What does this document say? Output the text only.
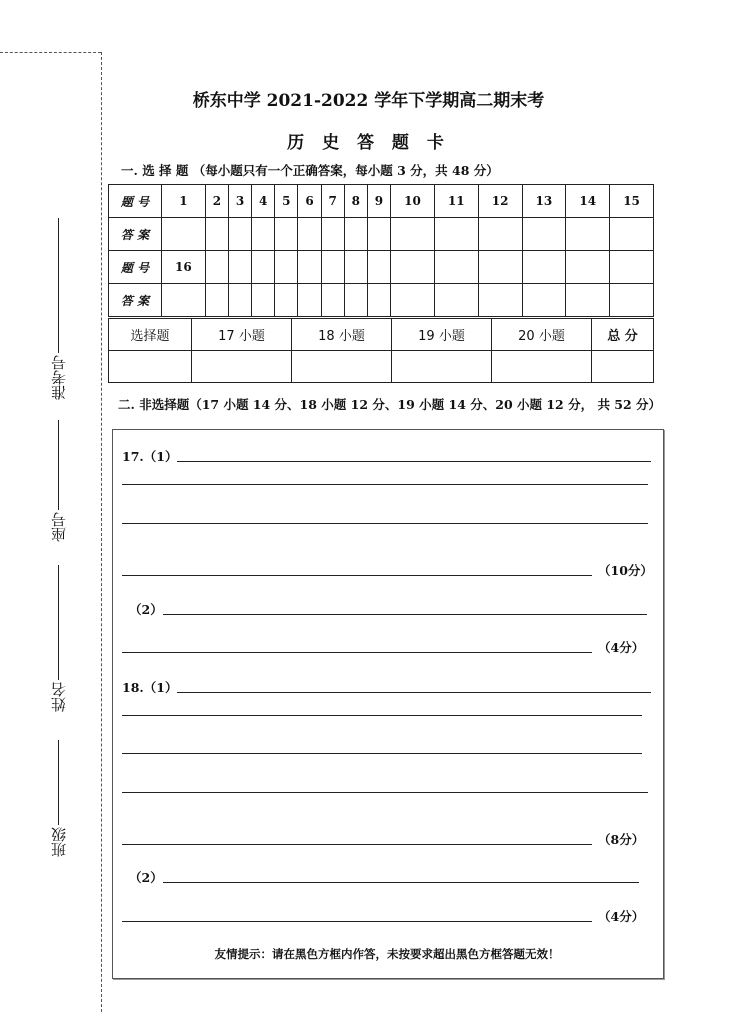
准考号
座号
姓名
班级
桥东中学 2021-2022 学年下学期高二期末考
历 史 答 题 卡
一. 选 择 题 （每小题只有一个正确答案，每小题 3 分，共 48 分）
题 号	1	2	3	4	5	6	7	8	9	10	11	12	13	14	15
答 案															
题 号	16														
答 案															
选择题	17 小题	18 小题	19 小题	20 小题	总 分

二. 非选择题（17 小题 14 分、18 小题 12 分、19 小题 14 分、20 小题 12 分， 共 52 分）
17.（1）
（10分）
（2）
（4分）
18.（1）
（8分）
（2）
（4分）
友情提示：请在黑色方框内作答，未按要求超出黑色方框答题无效！
